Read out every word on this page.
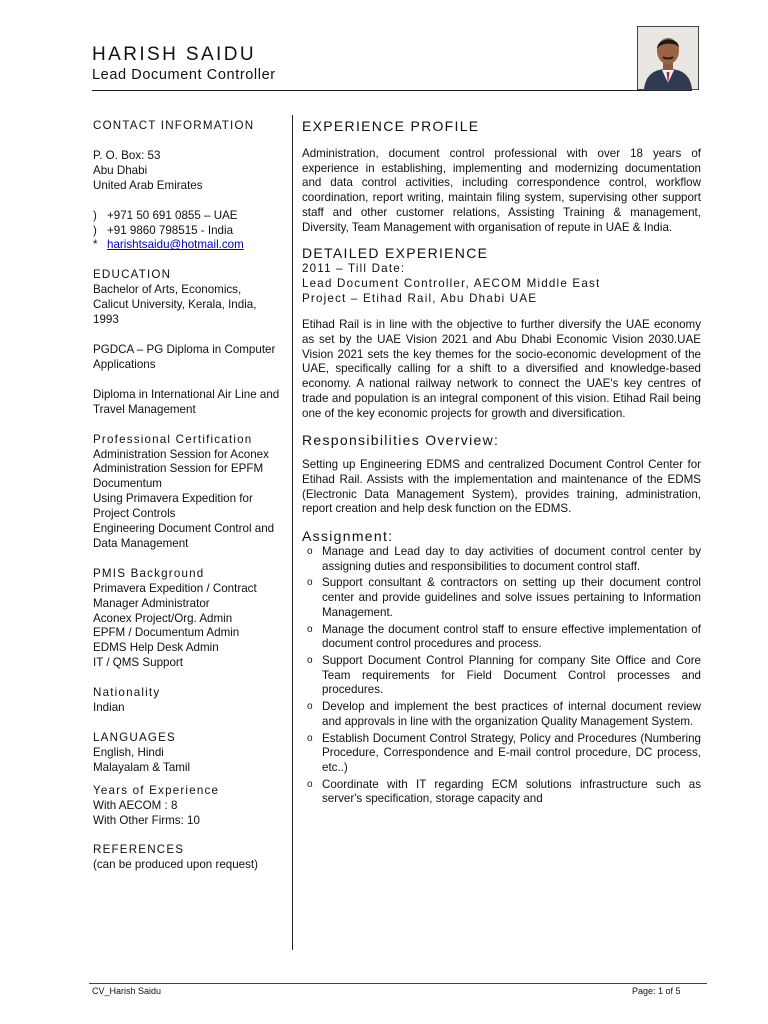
HARISH SAIDU
Lead Document Controller
CONTACT INFORMATION
P. O. Box: 53
Abu Dhabi
United Arab Emirates
) +971 50 691 0855 – UAE
) +91 9860 798515 - India
* harishtsaidu@hotmail.com
EDUCATION
Bachelor of Arts, Economics,
Calicut University, Kerala, India, 1993
PGDCA – PG Diploma in Computer Applications
Diploma in International Air Line and Travel Management
Professional Certification
Administration Session for Aconex
Administration Session for EPFM Documentum
Using Primavera Expedition for Project Controls
Engineering Document Control and Data Management
PMIS Background
Primavera Expedition / Contract Manager Administrator
Aconex Project/Org. Admin
EPFM / Documentum Admin
EDMS Help Desk Admin
IT / QMS Support
Nationality
Indian
LANGUAGES
English, Hindi
Malayalam & Tamil
Years of Experience
With AECOM : 8
With Other Firms: 10
REFERENCES
(can be produced upon request)
EXPERIENCE PROFILE
Administration, document control professional with over 18 years of experience in establishing, implementing and modernizing documentation and data control activities, including correspondence control, workflow coordination, report writing, maintain filing system, supervising other support staff and other customer relations, Assisting Training & management, Diversity, Team Management with organisation of repute in UAE & India.
DETAILED EXPERIENCE
2011 – Till Date:
Lead Document Controller, AECOM Middle East
Project – Etihad Rail, Abu Dhabi UAE
Etihad Rail is in line with the objective to further diversify the UAE economy as set by the UAE Vision 2021 and Abu Dhabi Economic Vision 2030.UAE Vision 2021 sets the key themes for the socio-economic development of the UAE, specifically calling for a shift to a diversified and knowledge-based economy. A national railway network to connect the UAE's key centres of trade and population is an integral component of this vision. Etihad Rail being one of the key economic projects for growth and diversification.
Responsibilities Overview:
Setting up Engineering EDMS and centralized Document Control Center for Etihad Rail. Assists with the implementation and maintenance of the EDMS (Electronic Data Management System), provides training, administration, report creation and help desk function on the EDMS.
Assignment:
o Manage and Lead day to day activities of document control center by assigning duties and responsibilities to document control staff.
o Support consultant & contractors on setting up their document control center and provide guidelines and solve issues pertaining to Information Management.
o Manage the document control staff to ensure effective implementation of document control procedures and process.
o Support Document Control Planning for company Site Office and Core Team requirements for Field Document Control processes and procedures.
o Develop and implement the best practices of internal document review and approvals in line with the organization Quality Management System.
o Establish Document Control Strategy, Policy and Procedures (Numbering Procedure, Correspondence and E-mail control procedure, DC process, etc..)
o Coordinate with IT regarding ECM solutions infrastructure such as server's specification, storage capacity and
CV_Harish Saidu	Page: 1 of 5
